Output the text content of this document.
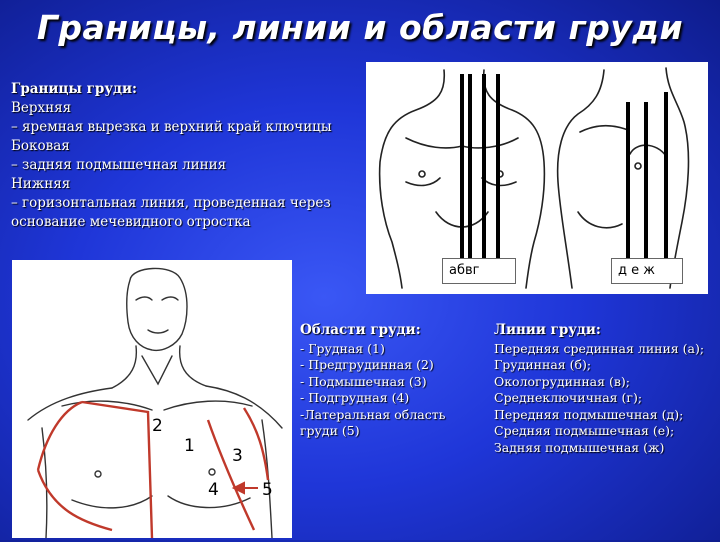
Границы, линии и области груди
Границы груди:
Верхняя
– яремная вырезка и верхний край ключицы
Боковая
– задняя подмышечная линия
Нижняя
– горизонтальная линия, проведенная через основание мечевидного отростка
абвг	д е ж
2
1 3
4	5
Области груди:
- Грудная (1)
- Предгрудинная (2)
- Подмышечная (3)
- Подгрудная (4)
-Латеральная область груди (5)
Линии груди:
Передняя срединная линия (а);
Грудинная (б);
Окологрудинная (в);
Среднеключичная (г);
Передняя подмышечная (д);
Средняя подмышечная (е);
Задняя подмышечная (ж)
